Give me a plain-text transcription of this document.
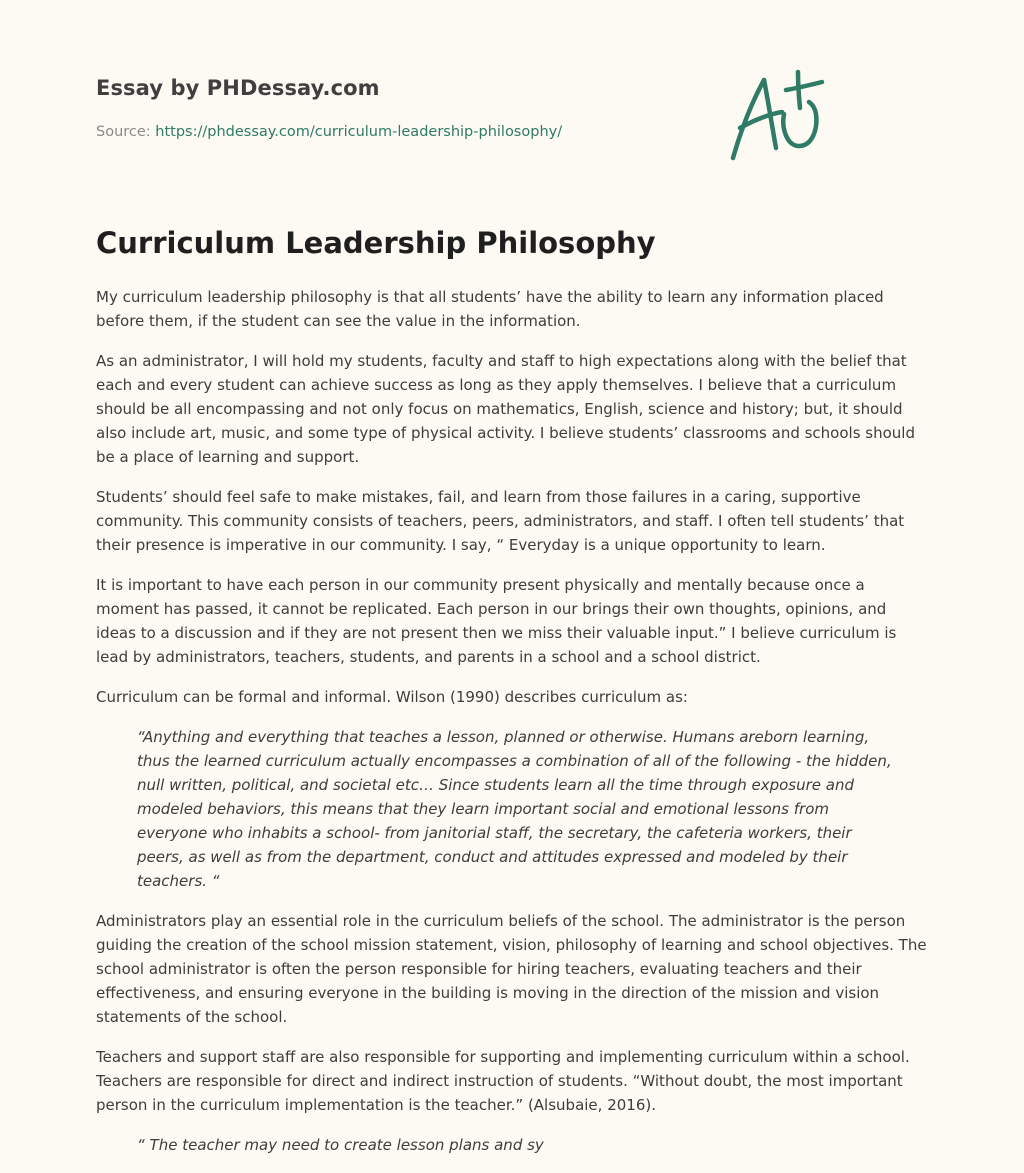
Essay by PHDessay.com
Source: https://phdessay.com/curriculum-leadership-philosophy/
Curriculum Leadership Philosophy

My curriculum leadership philosophy is that all students’ have the ability to learn any information placed before them, if the student can see the value in the information.

As an administrator, I will hold my students, faculty and staff to high expectations along with the belief that each and every student can achieve success as long as they apply themselves. I believe that a curriculum should be all encompassing and not only focus on mathematics, English, science and history; but, it should also include art, music, and some type of physical activity. I believe students’ classrooms and schools should be a place of learning and support.

Students’ should feel safe to make mistakes, fail, and learn from those failures in a caring, supportive community. This community consists of teachers, peers, administrators, and staff. I often tell students’ that their presence is imperative in our community. I say, “ Everyday is a unique opportunity to learn.

It is important to have each person in our community present physically and mentally because once a moment has passed, it cannot be replicated. Each person in our brings their own thoughts, opinions, and ideas to a discussion and if they are not present then we miss their valuable input.” I believe curriculum is lead by administrators, teachers, students, and parents in a school and a school district.

Curriculum can be formal and informal. Wilson (1990) describes curriculum as:

“Anything and everything that teaches a lesson, planned or otherwise. Humans areborn learning, thus the learned curriculum actually encompasses a combination of all of the following - the hidden, null written, political, and societal etc… Since students learn all the time through exposure and modeled behaviors, this means that they learn important social and emotional lessons from everyone who inhabits a school- from janitorial staff, the secretary, the cafeteria workers, their peers, as well as from the department, conduct and attitudes expressed and modeled by their teachers. “

Administrators play an essential role in the curriculum beliefs of the school. The administrator is the person guiding the creation of the school mission statement, vision, philosophy of learning and school objectives. The school administrator is often the person responsible for hiring teachers, evaluating teachers and their effectiveness, and ensuring everyone in the building is moving in the direction of the mission and vision statements of the school.

Teachers and support staff are also responsible for supporting and implementing curriculum within a school. Teachers are responsible for direct and indirect instruction of students. “Without doubt, the most important person in the curriculum implementation is the teacher.” (Alsubaie, 2016).

“ The teacher may need to create lesson plans and sy
